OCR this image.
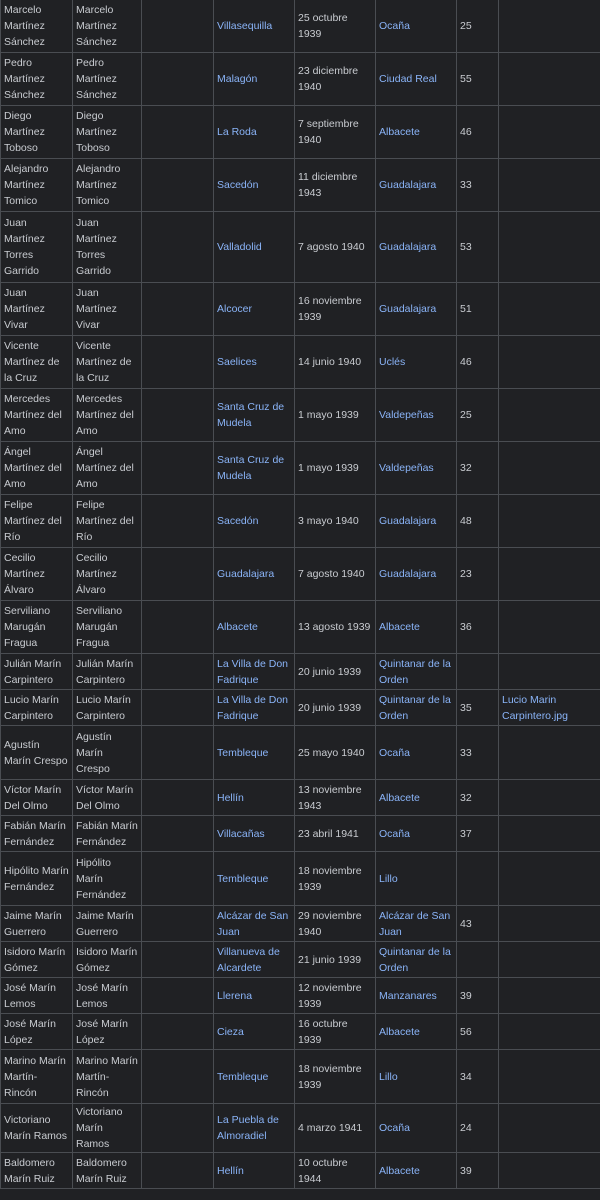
Marcelo Martínez Sánchez	Marcelo Martínez Sánchez		Villasequilla	25 octubre 1939	Ocaña	25	
Pedro Martínez Sánchez	Pedro Martínez Sánchez		Malagón	23 diciembre 1940	Ciudad Real	55	
Diego Martínez Toboso	Diego Martínez Toboso		La Roda	7 septiembre 1940	Albacete	46	
Alejandro Martínez Tomico	Alejandro Martínez Tomico		Sacedón	11 diciembre 1943	Guadalajara	33	
Juan Martínez Torres Garrido	Juan Martínez Torres Garrido		Valladolid	7 agosto 1940	Guadalajara	53	
Juan Martínez Vivar	Juan Martínez Vivar		Alcocer	16 noviembre 1939	Guadalajara	51	
Vicente Martínez de la Cruz	Vicente Martínez de la Cruz		Saelices	14 junio 1940	Uclés	46	
Mercedes Martínez del Amo	Mercedes Martínez del Amo		Santa Cruz de Mudela	1 mayo 1939	Valdepeñas	25	
Ángel Martínez del Amo	Ángel Martínez del Amo		Santa Cruz de Mudela	1 mayo 1939	Valdepeñas	32	
Felipe Martínez del Río	Felipe Martínez del Río		Sacedón	3 mayo 1940	Guadalajara	48	
Cecilio Martínez Álvaro	Cecilio Martínez Álvaro		Guadalajara	7 agosto 1940	Guadalajara	23	
Serviliano Marugán Fragua	Serviliano Marugán Fragua		Albacete	13 agosto 1939	Albacete	36	
Julián Marín Carpintero	Julián Marín Carpintero		La Villa de Don Fadrique	20 junio 1939	Quintanar de la Orden		
Lucio Marín Carpintero	Lucio Marín Carpintero		La Villa de Don Fadrique	20 junio 1939	Quintanar de la Orden	35	Lucio Marin Carpintero.jpg
Agustín Marín Crespo	Agustín Marín Crespo		Tembleque	25 mayo 1940	Ocaña	33	
Víctor Marín Del Olmo	Víctor Marín Del Olmo		Hellín	13 noviembre 1943	Albacete	32	
Fabián Marín Fernández	Fabián Marín Fernández		Villacañas	23 abril 1941	Ocaña	37	
Hipólito Marín Fernández	Hipólito Marín Fernández		Tembleque	18 noviembre 1939	Lillo		
Jaime Marín Guerrero	Jaime Marín Guerrero		Alcázar de San Juan	29 noviembre 1940	Alcázar de San Juan	43	
Isidoro Marín Gómez	Isidoro Marín Gómez		Villanueva de Alcardete	21 junio 1939	Quintanar de la Orden		
José Marín Lemos	José Marín Lemos		Llerena	12 noviembre 1939	Manzanares	39	
José Marín López	José Marín López		Cieza	16 octubre 1939	Albacete	56	
Marino Marín Martín-Rincón	Marino Marín Martín-Rincón		Tembleque	18 noviembre 1939	Lillo	34	
Victoriano Marín Ramos	Victoriano Marín Ramos		La Puebla de Almoradiel	4 marzo 1941	Ocaña	24	
Baldomero Marín Ruiz	Baldomero Marín Ruiz		Hellín	10 octubre 1944	Albacete	39	
